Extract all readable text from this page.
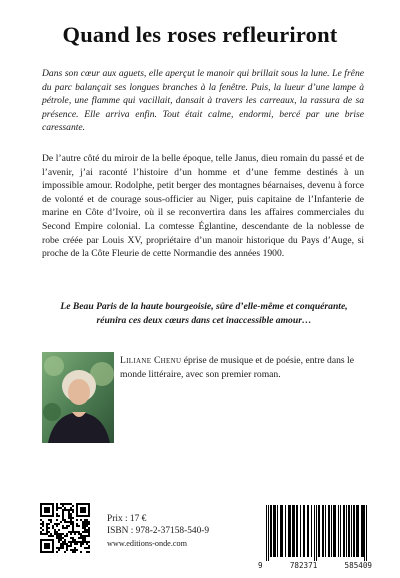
Quand les roses refleuriront

Dans son cœur aux aguets, elle aperçut le manoir qui brillait sous la lune. Le frêne du parc balançait ses longues branches à la fenêtre. Puis, la lueur d’une lampe à pétrole, une flamme qui vacillait, dansait à travers les carreaux, la rassura de sa présence. Elle arriva enfin. Tout était calme, endormi, bercé par une brise caressante.

De l’autre côté du miroir de la belle époque, telle Janus, dieu romain du passé et de l’avenir, j’ai raconté l’histoire d’un homme et d’une femme destinés à un impossible amour. Rodolphe, petit berger des montagnes béarnaises, devenu à force de volonté et de courage sous-officier au Niger, puis capitaine de l’Infanterie de marine en Côte d’Ivoire, où il se reconvertira dans les affaires commerciales du Second Empire colonial. La comtesse Églantine, descendante de la noblesse de robe créée par Louis XV, propriétaire d’un manoir historique du Pays d’Auge, si proche de la Côte Fleurie de cette Normandie des années 1900.

Le Beau Paris de la haute bourgeoisie, sûre d’elle-même et conquérante, réunira ces deux cœurs dans cet inaccessible amour…

Liliane Chenu éprise de musique et de poésie, entre dans le monde littéraire, avec son premier roman.

Prix : 17 €
ISBN : 978-2-37158-540-9
www.editions-onde.com
9	782371	585409
